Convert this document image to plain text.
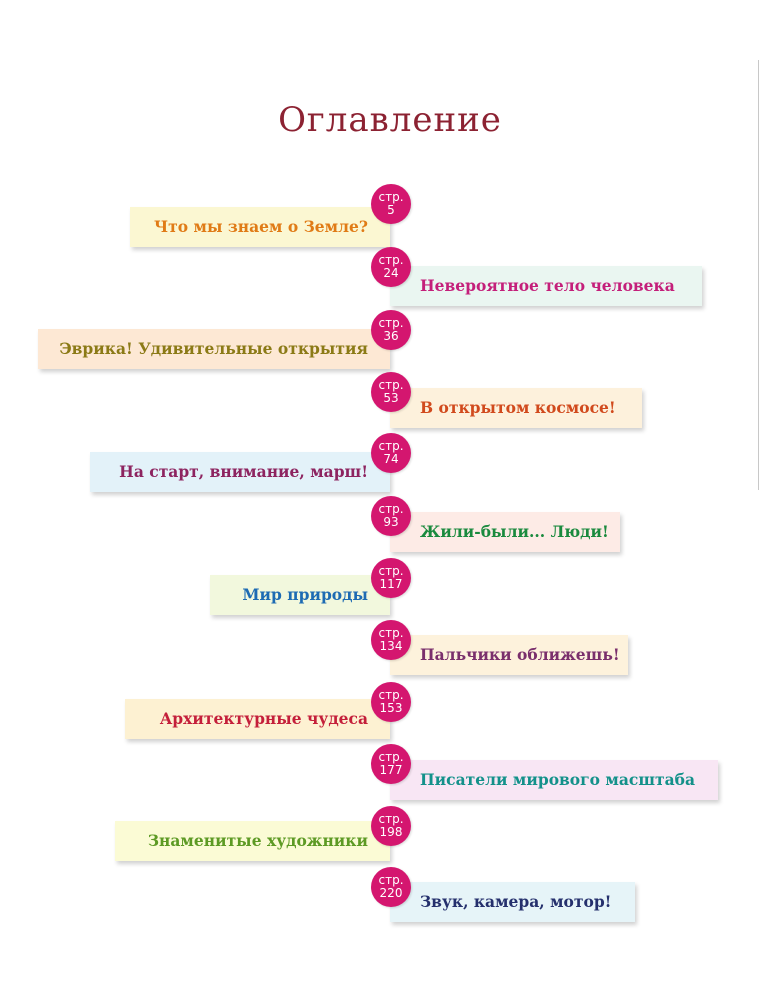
Оглавление
Что мы знаем о Земле?
стр.
5
Невероятное тело человека
стр.
24
Эврика! Удивительные открытия
стр.
36
В открытом космосе!
стр.
53
На старт, внимание, марш!
стр.
74
Жили-были... Люди!
стр.
93
Мир природы
стр.
117
Пальчики оближешь!
стр.
134
Архитектурные чудеса
стр.
153
Писатели мирового масштаба
стр.
177
Знаменитые художники
стр.
198
Звук, камера, мотор!
стр.
220
